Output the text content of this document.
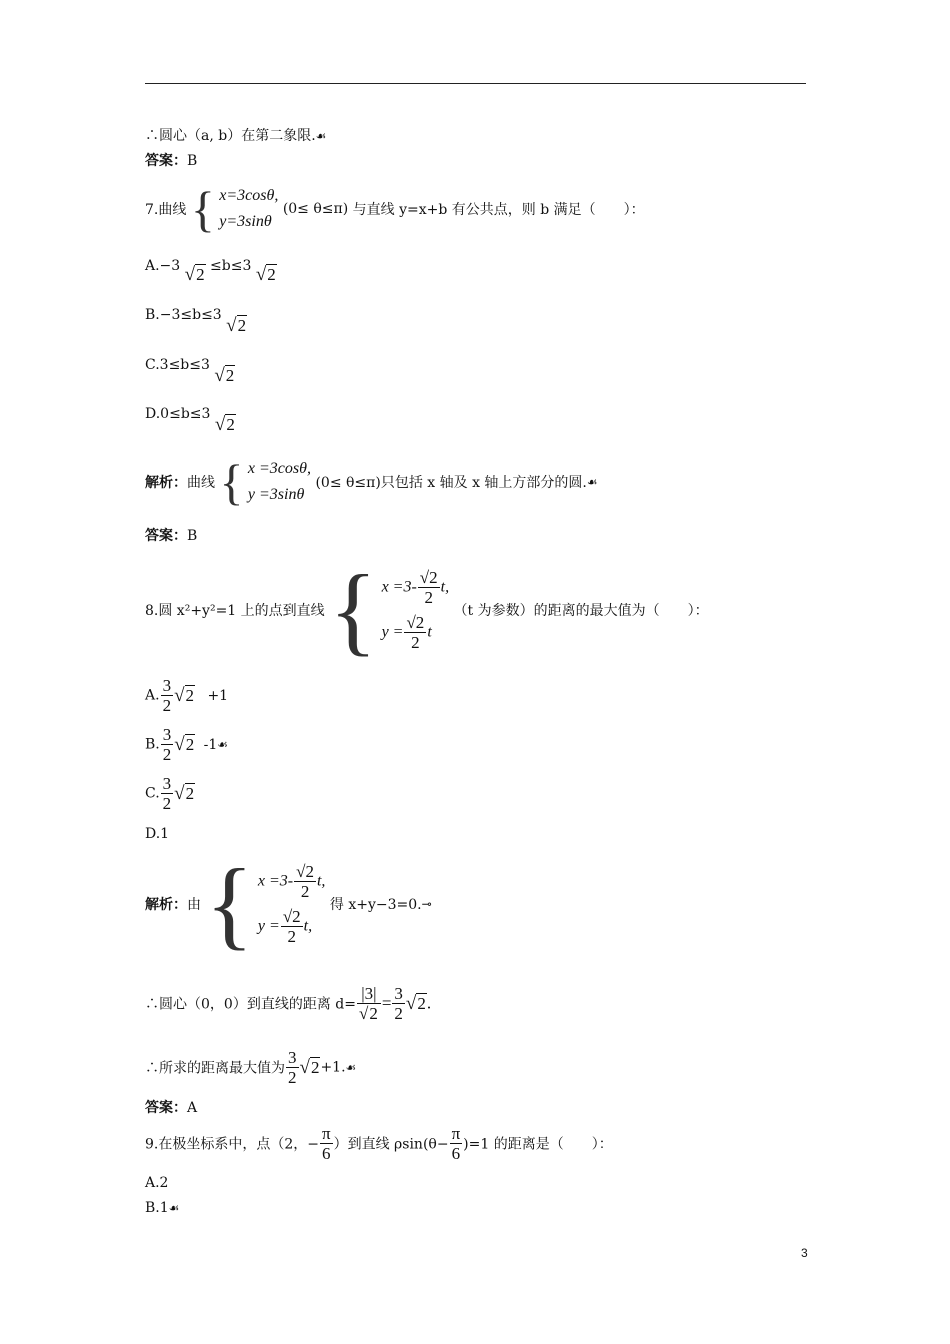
∴圆心（a, b）在第二象限.☙
答案：B
7.曲线 { x=3cosθ,
y=3sinθ
(0≤ θ≤π) 与直线 y=x+b 有公共点，则 b 满足（　　）：
A.−3 √2 ≤b≤3 √2
B.−3≤b≤3 √2
C.3≤b≤3 √2
D.0≤b≤3 √2
解析：曲线 { x =3cosθ,
y =3sinθ
(0≤ θ≤π)只包括 x 轴及 x 轴上方部分的圆.☙
答案：B
8.圆 x²+y²=1 上的点到直线 { $x =3- \frac{√2}{2} t$,
$y = \frac{√2}{2}$ t
（t 为参数）的距离的最大值为（　　）：
A. $\frac{3}{2} √2 +1$
B. $\frac{3}{2} √2$ -1☙
C. $\frac{3}{2} √2$
D.1
解析：由 { $x =3- \frac{√2}{2} t$,
$y = \frac{√2}{2} t$,
得 x+y−3=0.⊸
∴圆心（0，0）到直线的距离 $d= \frac{|3|}{√2} = \frac{3}{2} √2$.
∴所求的距离最大值为 $\frac{3}{2}$ √2+1.☙
答案：A
9.在极坐标系中，点（2，− $\frac{\pi}{6}$ ）到直线 $\rho\sin(\theta- \frac{\pi}{6} )=1$ 的距离是（　　）：
A.2
B.1☙
3
